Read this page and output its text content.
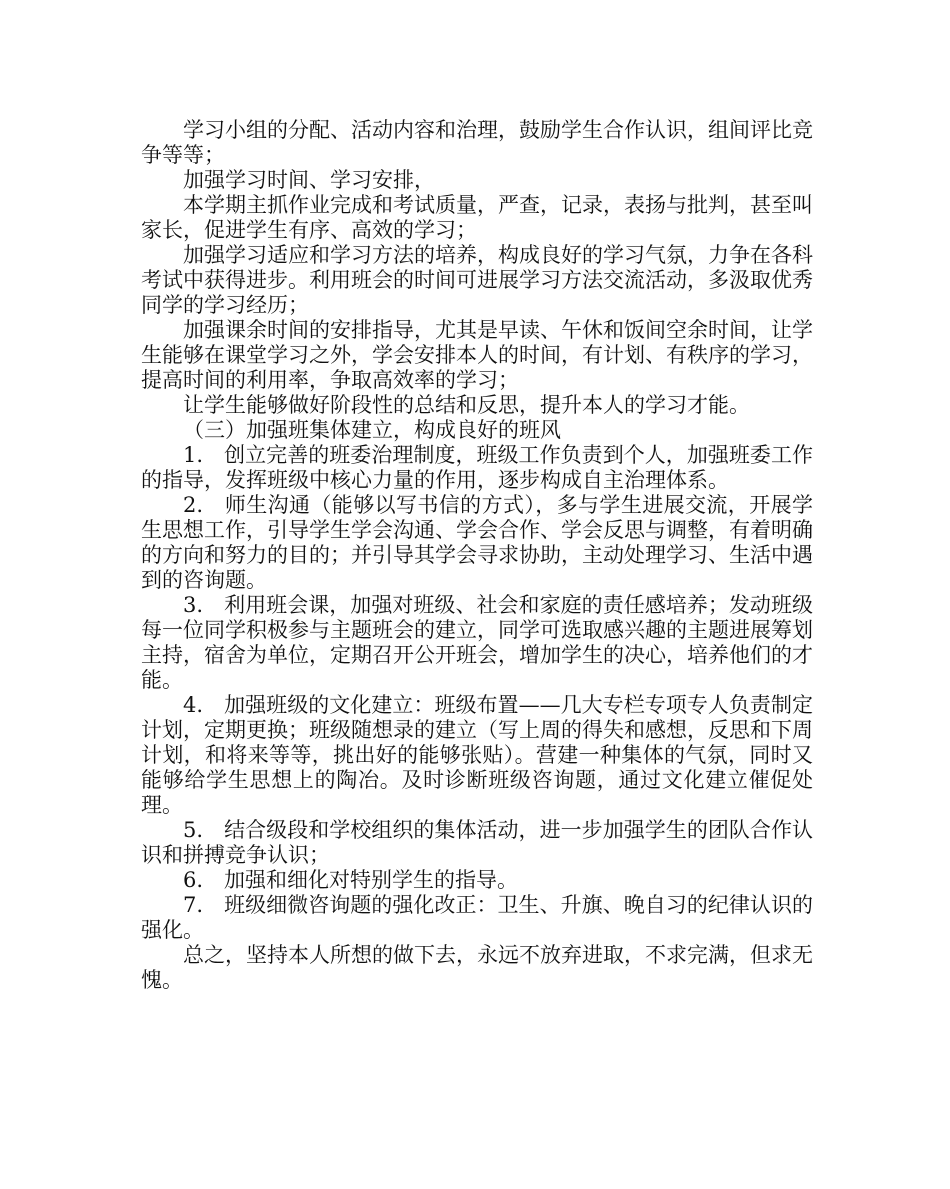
学习小组的分配、活动内容和治理，鼓励学生合作认识，组间评比竞争等等；

加强学习时间、学习安排，

本学期主抓作业完成和考试质量，严查，记录，表扬与批判，甚至叫家长，促进学生有序、高效的学习；

加强学习适应和学习方法的培养，构成良好的学习气氛，力争在各科考试中获得进步。利用班会的时间可进展学习方法交流活动，多汲取优秀同学的学习经历；

加强课余时间的安排指导，尤其是早读、午休和饭间空余时间，让学生能够在课堂学习之外，学会安排本人的时间，有计划、有秩序的学习，提高时间的利用率，争取高效率的学习；

让学生能够做好阶段性的总结和反思，提升本人的学习才能。

（三）加强班集体建立，构成良好的班风

1.　创立完善的班委治理制度，班级工作负责到个人，加强班委工作的指导，发挥班级中核心力量的作用，逐步构成自主治理体系。

2.　师生沟通（能够以写书信的方式），多与学生进展交流，开展学生思想工作，引导学生学会沟通、学会合作、学会反思与调整，有着明确的方向和努力的目的；并引导其学会寻求协助，主动处理学习、生活中遇到的咨询题。

3.　利用班会课，加强对班级、社会和家庭的责任感培养；发动班级每一位同学积极参与主题班会的建立，同学可选取感兴趣的主题进展筹划主持，宿舍为单位，定期召开公开班会，增加学生的决心，培养他们的才能。

4.　加强班级的文化建立：班级布置——几大专栏专项专人负责制定计划，定期更换；班级随想录的建立（写上周的得失和感想，反思和下周计划，和将来等等，挑出好的能够张贴）。营建一种集体的气氛，同时又能够给学生思想上的陶冶。及时诊断班级咨询题，通过文化建立催促处理。

5.　结合级段和学校组织的集体活动，进一步加强学生的团队合作认识和拼搏竞争认识；

6.　加强和细化对特别学生的指导。

7.　班级细微咨询题的强化改正：卫生、升旗、晚自习的纪律认识的强化。

总之，坚持本人所想的做下去，永远不放弃进取，不求完满，但求无愧。
